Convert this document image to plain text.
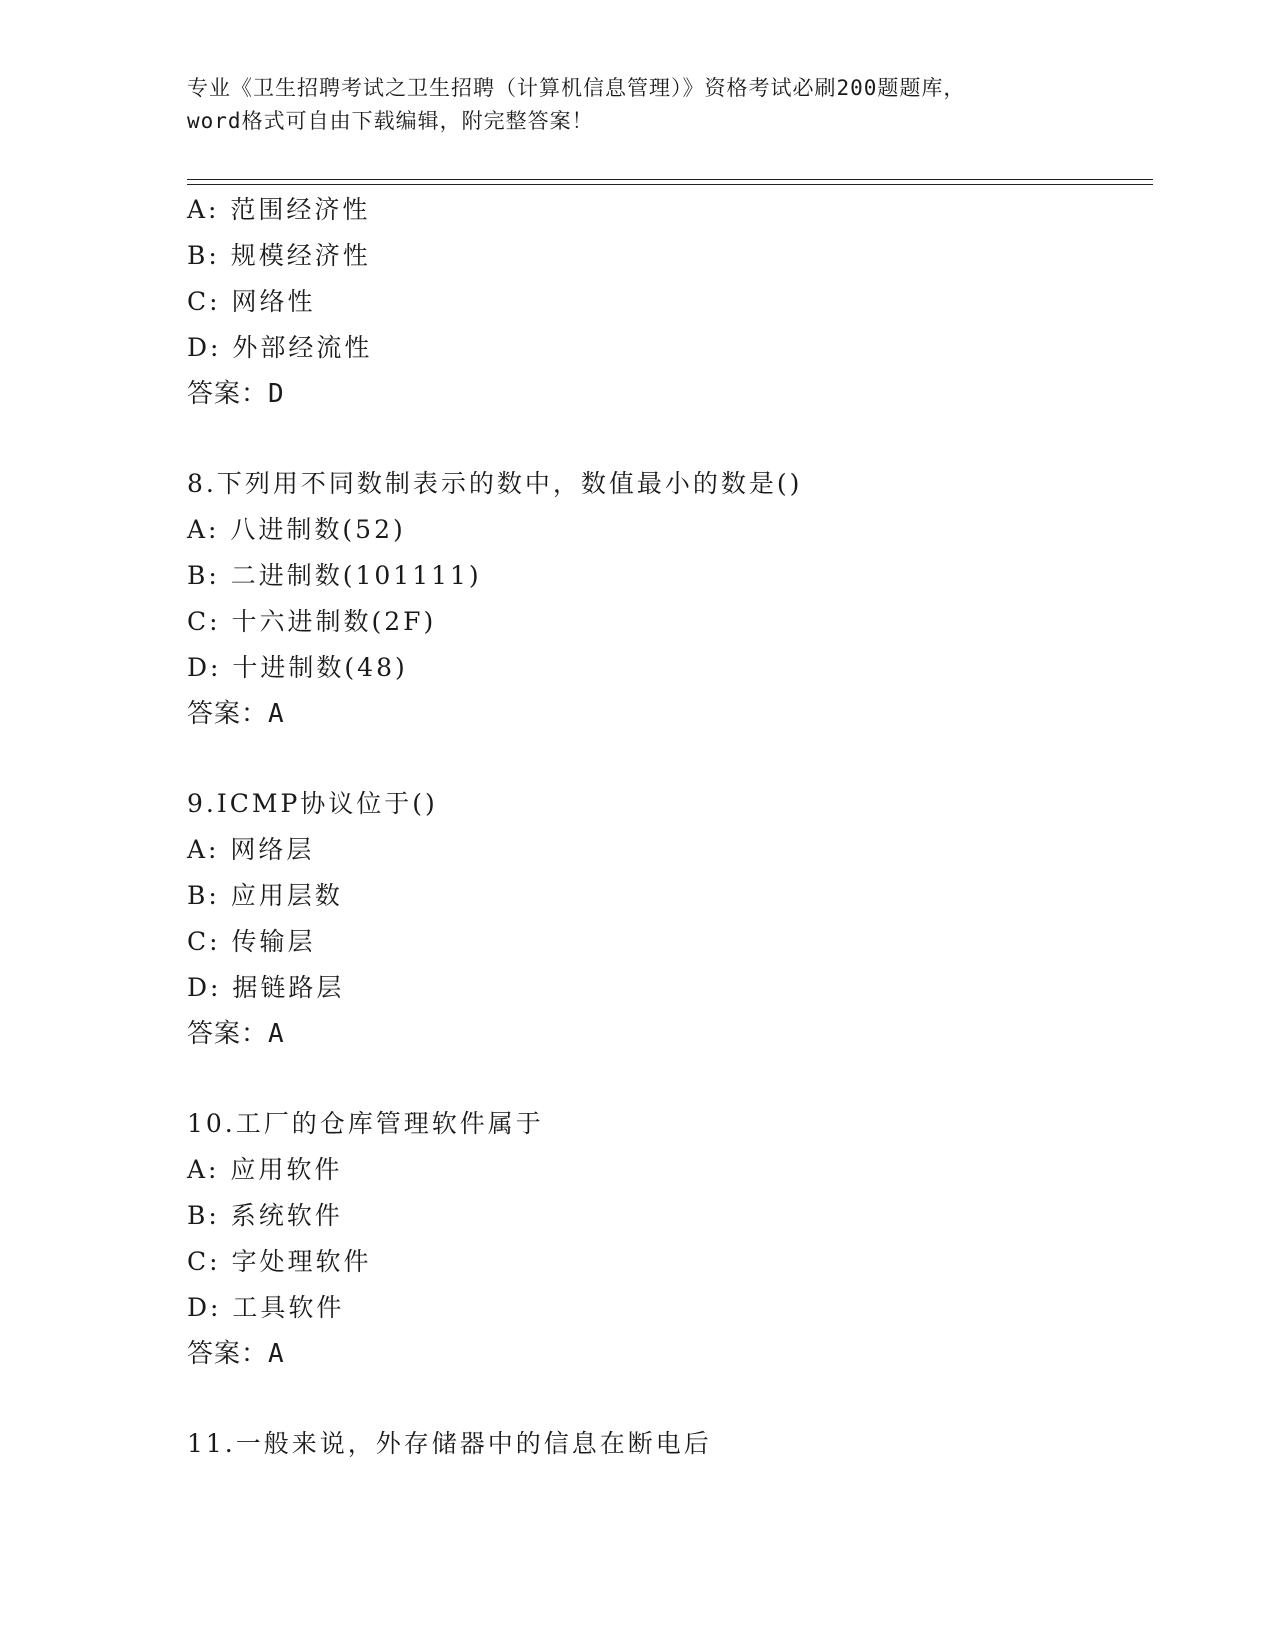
专业《卫生招聘考试之卫生招聘（计算机信息管理）》资格考试必刷200题题库，
word格式可自由下载编辑，附完整答案！
A: 范围经济性
B: 规模经济性
C: 网络性
D: 外部经流性
答案：D
8.下列用不同数制表示的数中，数值最小的数是()
A: 八进制数(52)
B: 二进制数(101111)
C: 十六进制数(2F)
D: 十进制数(48)
答案：A
9.ICMP协议位于()
A: 网络层
B: 应用层数
C: 传输层
D: 据链路层
答案：A
10.工厂的仓库管理软件属于
A: 应用软件
B: 系统软件
C: 字处理软件
D: 工具软件
答案：A
11.一般来说，外存储器中的信息在断电后
